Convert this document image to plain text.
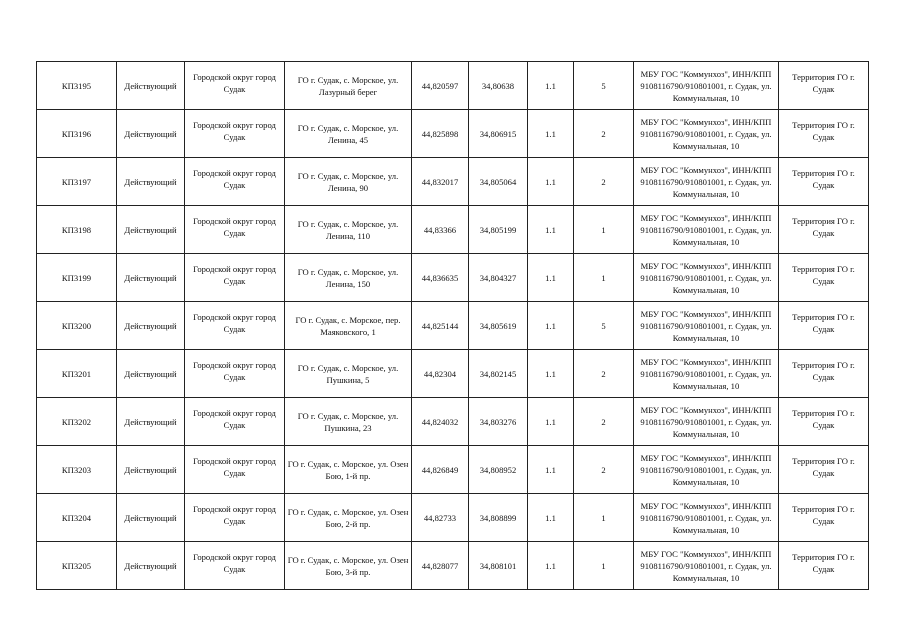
КП3195	Действующий	Городской округ город Судак	ГО г. Судак, с. Морское, ул. Лазурный берег	44,820597	34,80638	1.1	5	МБУ ГОС "Коммунхоз", ИНН/КПП 9108116790/910801001, г. Судак, ул. Коммунальная, 10	Территория ГО г. Судак
КП3196	Действующий	Городской округ город Судак	ГО г. Судак, с. Морское, ул. Ленина, 45	44,825898	34,806915	1.1	2	МБУ ГОС "Коммунхоз", ИНН/КПП 9108116790/910801001, г. Судак, ул. Коммунальная, 10	Территория ГО г. Судак
КП3197	Действующий	Городской округ город Судак	ГО г. Судак, с. Морское, ул. Ленина, 90	44,832017	34,805064	1.1	2	МБУ ГОС "Коммунхоз", ИНН/КПП 9108116790/910801001, г. Судак, ул. Коммунальная, 10	Территория ГО г. Судак
КП3198	Действующий	Городской округ город Судак	ГО г. Судак, с. Морское, ул. Ленина, 110	44,83366	34,805199	1.1	1	МБУ ГОС "Коммунхоз", ИНН/КПП 9108116790/910801001, г. Судак, ул. Коммунальная, 10	Территория ГО г. Судак
КП3199	Действующий	Городской округ город Судак	ГО г. Судак, с. Морское, ул. Ленина, 150	44,836635	34,804327	1.1	1	МБУ ГОС "Коммунхоз", ИНН/КПП 9108116790/910801001, г. Судак, ул. Коммунальная, 10	Территория ГО г. Судак
КП3200	Действующий	Городской округ город Судак	ГО г. Судак, с. Морское, пер. Маяковского, 1	44,825144	34,805619	1.1	5	МБУ ГОС "Коммунхоз", ИНН/КПП 9108116790/910801001, г. Судак, ул. Коммунальная, 10	Территория ГО г. Судак
КП3201	Действующий	Городской округ город Судак	ГО г. Судак, с. Морское, ул. Пушкина, 5	44,82304	34,802145	1.1	2	МБУ ГОС "Коммунхоз", ИНН/КПП 9108116790/910801001, г. Судак, ул. Коммунальная, 10	Территория ГО г. Судак
КП3202	Действующий	Городской округ город Судак	ГО г. Судак, с. Морское, ул. Пушкина, 23	44,824032	34,803276	1.1	2	МБУ ГОС "Коммунхоз", ИНН/КПП 9108116790/910801001, г. Судак, ул. Коммунальная, 10	Территория ГО г. Судак
КП3203	Действующий	Городской округ город Судак	ГО г. Судак, с. Морское, ул. Озен Бою, 1-й пр.	44,826849	34,808952	1.1	2	МБУ ГОС "Коммунхоз", ИНН/КПП 9108116790/910801001, г. Судак, ул. Коммунальная, 10	Территория ГО г. Судак
КП3204	Действующий	Городской округ город Судак	ГО г. Судак, с. Морское, ул. Озен Бою, 2-й пр.	44,82733	34,808899	1.1	1	МБУ ГОС "Коммунхоз", ИНН/КПП 9108116790/910801001, г. Судак, ул. Коммунальная, 10	Территория ГО г. Судак
КП3205	Действующий	Городской округ город Судак	ГО г. Судак, с. Морское, ул. Озен Бою, 3-й пр.	44,828077	34,808101	1.1	1	МБУ ГОС "Коммунхоз", ИНН/КПП 9108116790/910801001, г. Судак, ул. Коммунальная, 10	Территория ГО г. Судак
